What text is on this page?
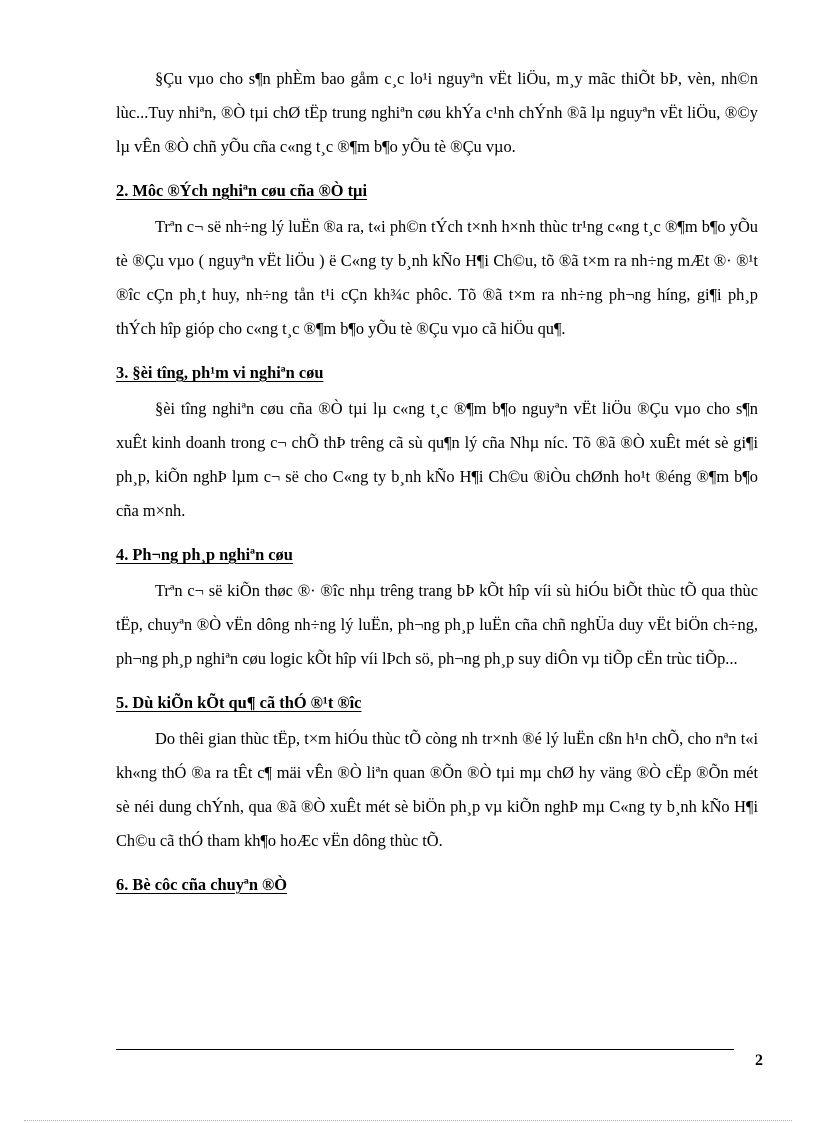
§Çu vµo cho s¶n phÈm bao gåm c¸c lo¹i nguyªn vËt liÖu, m¸y mãc thiÕt bÞ, vèn, nh©n lùc...Tuy nhiªn, ®Ò tµi chØ tËp trung nghiªn cøu khÝa c¹nh chÝnh ®ã lµ nguyªn vËt liÖu, ®©y lµ vÊn ®Ò chñ yÕu cña c«ng t¸c ®¶m b¶o yÕu tè ®Çu vµo.

2. Môc ®Ých nghiªn cøu cña ®Ò tµi

Trªn c¬ së nh÷ng lý luËn ®a ra, t«i ph©n tÝch t×nh h×nh thùc tr¹ng c«ng t¸c ®¶m b¶o yÕu tè ®Çu vµo ( nguyªn vËt liÖu ) ë C«ng ty b¸nh kÑo H¶i Ch©u, tõ ®ã t×m ra nh÷ng mÆt ®· ®¹t ®îc cÇn ph¸t huy, nh÷ng tån t¹i cÇn kh¾c phôc. Tõ ®ã t×m ra nh÷ng ph¬ng híng, gi¶i ph¸p thÝch hîp gióp cho c«ng t¸c ®¶m b¶o yÕu tè ®Çu vµo cã hiÖu qu¶.

3. §èi tîng, ph¹m vi nghiªn cøu

§èi tîng nghiªn cøu cña ®Ò tµi lµ c«ng t¸c ®¶m b¶o nguyªn vËt liÖu ®Çu vµo cho s¶n xuÊt kinh doanh trong c¬ chÕ thÞ trêng cã sù qu¶n lý cña Nhµ níc. Tõ ®ã ®Ò xuÊt mét sè gi¶i ph¸p, kiÕn nghÞ lµm c¬ së cho C«ng ty b¸nh kÑo H¶i Ch©u ®iÒu chØnh ho¹t ®éng ®¶m b¶o cña m×nh.

4. Ph¬ng ph¸p nghiªn cøu

Trªn c¬ së kiÕn thøc ®· ®îc nhµ trêng trang bÞ kÕt hîp víi sù hiÓu biÕt thùc tÕ qua thùc tËp, chuyªn ®Ò vËn dông nh÷ng lý luËn, ph¬ng ph¸p luËn cña chñ nghÜa duy vËt biÖn ch÷ng, ph¬ng ph¸p nghiªn cøu logic kÕt hîp víi lÞch sö, ph¬ng ph¸p suy diÔn vµ tiÕp cËn trùc tiÕp...

5. Dù kiÕn kÕt qu¶ cã thÓ ®¹t ®îc

Do thêi gian thùc tËp, t×m hiÓu thùc tÕ còng nh tr×nh ®é lý luËn cßn h¹n chÕ, cho nªn t«i kh«ng thÓ ®a ra tÊt c¶ mäi vÊn ®Ò liªn quan ®Õn ®Ò tµi mµ chØ hy väng ®Ò cËp ®Õn mét sè néi dung chÝnh, qua ®ã ®Ò xuÊt mét sè biÖn ph¸p vµ kiÕn nghÞ mµ C«ng ty b¸nh kÑo H¶i Ch©u cã thÓ tham kh¶o hoÆc vËn dông thùc tÕ.

6. Bè côc cña chuyªn ®Ò
2
